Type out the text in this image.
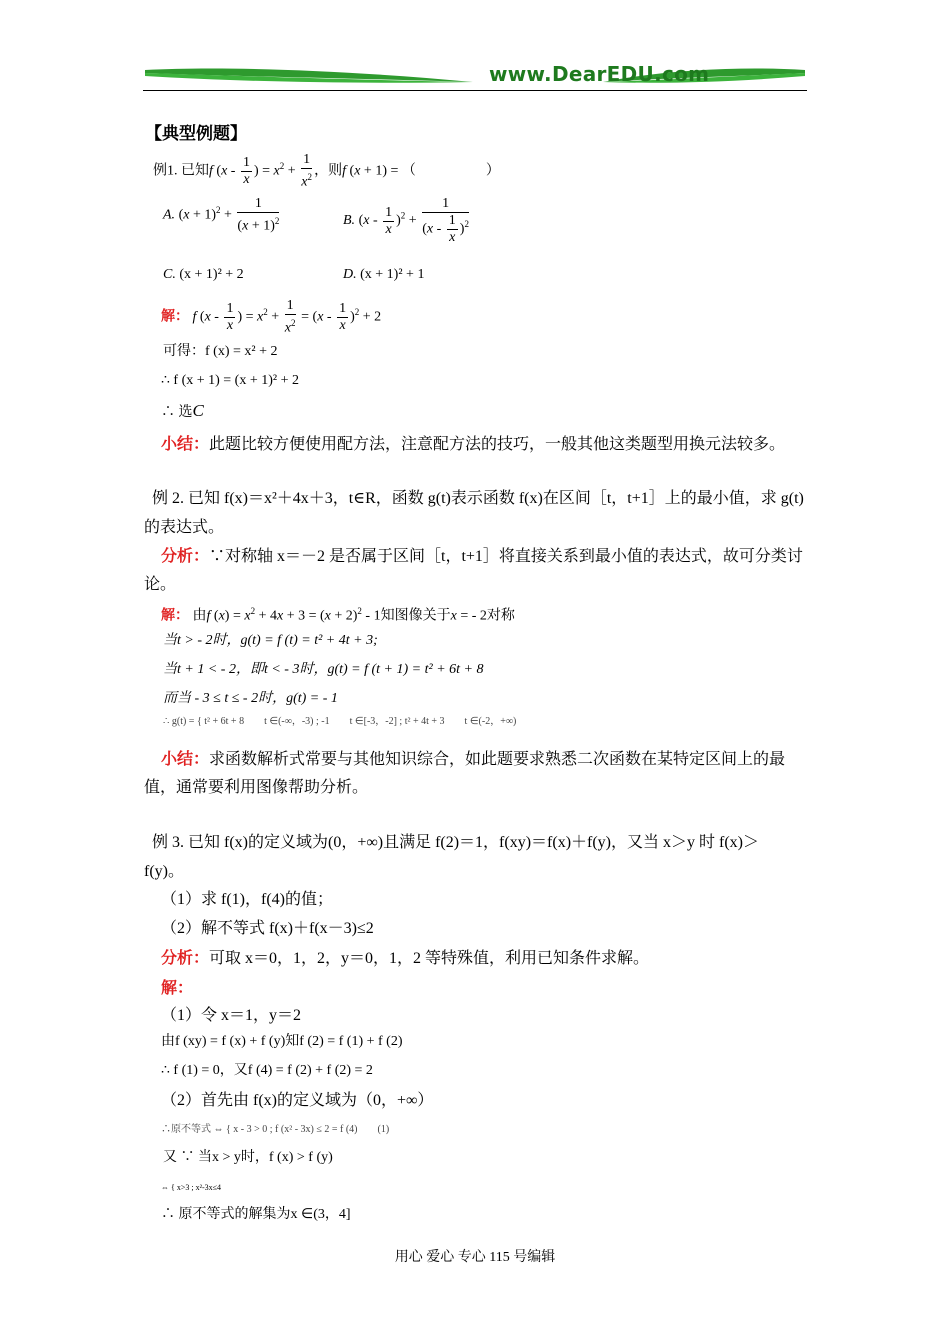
www.DearEDU.com
【典型例题】
例1. 已知f ($x - \frac{1}{x}$ ) = $x^2 + \frac{1}{x^2}$ ，则f (x + 1) = （　　　　　）
A. $(x + 1)^2 + \frac{1}{(x + 1)^2}$	B. $(x - \frac{1}{x} )^2 + \frac{1}{(x - \frac{1}{x} )^2}$
C. (x + 1)² + 2	D. (x + 1)² + 1
解： f ($x - \frac{1}{x}$ ) = $x^2 + \frac{1}{x^2} = (x - \frac{1}{x} )^2 + 2$
可得：f (x) = x² + 2
∴ f (x + 1) = (x + 1)² + 2
∴ 选C
小结：此题比较方便使用配方法，注意配方法的技巧，一般其他这类题型用换元法较多。
例 2. 已知 f(x)＝x²＋4x＋3，t∈R，函数 g(t)表示函数 f(x)在区间［t，t+1］上的最小值，求 g(t)
的表达式。
分析：∵对称轴 x＝－2 是否属于区间［t，t+1］将直接关系到最小值的表达式，故可分类讨
论。
解： 由f $(x) = x^2 + 4x + 3 = (x + 2)^2 - 1$知图像关于x = - 2对称
当t > - 2时，g(t) = f (t) = t² + 4t + 3;
当t + 1 < - 2，即t < - 3时，g(t) = f (t + 1) = t² + 6t + 8
而当 - 3 ≤ t ≤ - 2时，g(t) = - 1
∴ g(t) = { t² + 6t + 8　　t ∈(-∞，-3) ; -1　　t ∈[-3，-2] ; t² + 4t + 3　　t ∈(-2，+∞)
小结：求函数解析式常要与其他知识综合，如此题要求熟悉二次函数在某特定区间上的最
值，通常要利用图像帮助分析。
例 3. 已知 f(x)的定义域为(0，+∞)且满足 f(2)＝1，f(xy)＝f(x)＋f(y)，又当 x＞y 时 f(x)＞
f(y)。
（1）求 f(1)，f(4)的值；
（2）解不等式 f(x)＋f(x－3)≤2
分析：可取 x＝0，1，2，y＝0，1，2 等特殊值，利用已知条件求解。
解：
（1）令 x＝1，y＝2
由f (xy) = f (x) + f (y)知f (2) = f (1) + f (2)
∴ f (1) = 0，又f (4) = f (2) + f (2) = 2
（2）首先由 f(x)的定义域为（0，+∞）
∴原不等式 ⇔ { x - 3 > 0 ; f (x² - 3x) ≤ 2 = f (4)　　(1)
又 ∵ 当x > y时，f (x) > f (y)
⇔ { x>3 ; x²-3x≤4
∴ 原不等式的解集为x ∈(3，4]
用心 爱心 专心 115 号编辑
